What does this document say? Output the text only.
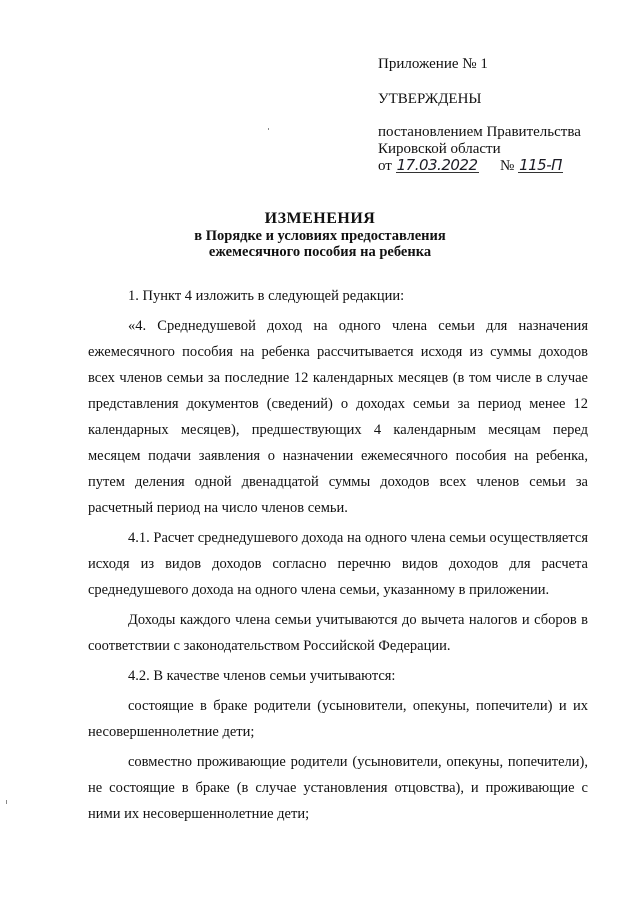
Приложение № 1
УТВЕРЖДЕНЫ
постановлением Правительства
Кировской области
от 17.03.2022 № 115-П
ИЗМЕНЕНИЯ
в Порядке и условиях предоставления
ежемесячного пособия на ребенка

1. Пункт 4 изложить в следующей редакции:

«4. Среднедушевой доход на одного члена семьи для назначения ежемесячного пособия на ребенка рассчитывается исходя из суммы доходов всех членов семьи за последние 12 календарных месяцев (в том числе в случае представления документов (сведений) о доходах семьи за период менее 12 календарных месяцев), предшествующих 4 календарным месяцам перед месяцем подачи заявления о назначении ежемесячного пособия на ребенка, путем деления одной двенадцатой суммы доходов всех членов семьи за расчетный период на число членов семьи.

4.1. Расчет среднедушевого дохода на одного члена семьи осуществляется исходя из видов доходов согласно перечню видов доходов для расчета среднедушевого дохода на одного члена семьи, указанному в приложении.

Доходы каждого члена семьи учитываются до вычета налогов и сборов в соответствии с законодательством Российской Федерации.

4.2. В качестве членов семьи учитываются:

состоящие в браке родители (усыновители, опекуны, попечители) и их несовершеннолетние дети;

совместно проживающие родители (усыновители, опекуны, попечители), не состоящие в браке (в случае установления отцовства), и проживающие с ними их несовершеннолетние дети;
